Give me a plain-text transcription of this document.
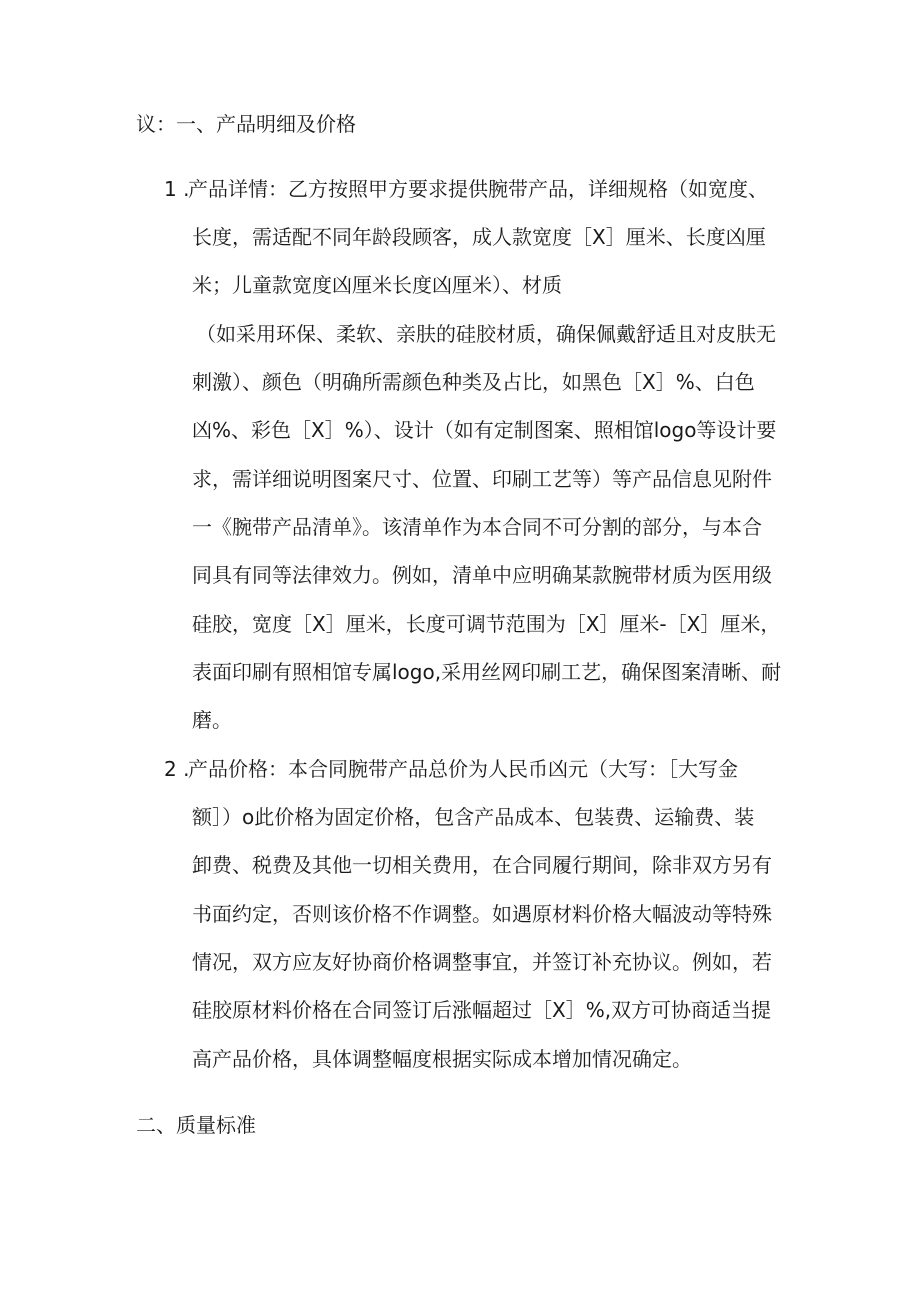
议：一、产品明细及价格
1 .
产品详情：乙方按照甲方要求提供腕带产品，详细规格（如宽度、
长度，需适配不同年龄段顾客，成人款宽度［X］厘米、长度凶厘
米；儿童款宽度凶厘米长度凶厘米）、材质
（如采用环保、柔软、亲肤的硅胶材质，确保佩戴舒适且对皮肤无
刺激）、颜色（明确所需颜色种类及占比，如黑色［X］%、白色
凶%、彩色［X］%）、设计（如有定制图案、照相馆logo等设计要
求，需详细说明图案尺寸、位置、印刷工艺等）等产品信息见附件
一《腕带产品清单》。该清单作为本合同不可分割的部分，与本合
同具有同等法律效力。例如，清单中应明确某款腕带材质为医用级
硅胶，宽度［X］厘米，长度可调节范围为［X］厘米-［X］厘米，
表面印刷有照相馆专属logo,采用丝网印刷工艺，确保图案清晰、耐
磨。
2 .
产品价格：本合同腕带产品总价为人民币凶元（大写：［大写金
额］）o此价格为固定价格，包含产品成本、包装费、运输费、装
卸费、税费及其他一切相关费用，在合同履行期间，除非双方另有
书面约定，否则该价格不作调整。如遇原材料价格大幅波动等特殊
情况，双方应友好协商价格调整事宜，并签订补充协议。例如，若
硅胶原材料价格在合同签订后涨幅超过［X］%,双方可协商适当提
高产品价格，具体调整幅度根据实际成本增加情况确定。
二、质量标准
